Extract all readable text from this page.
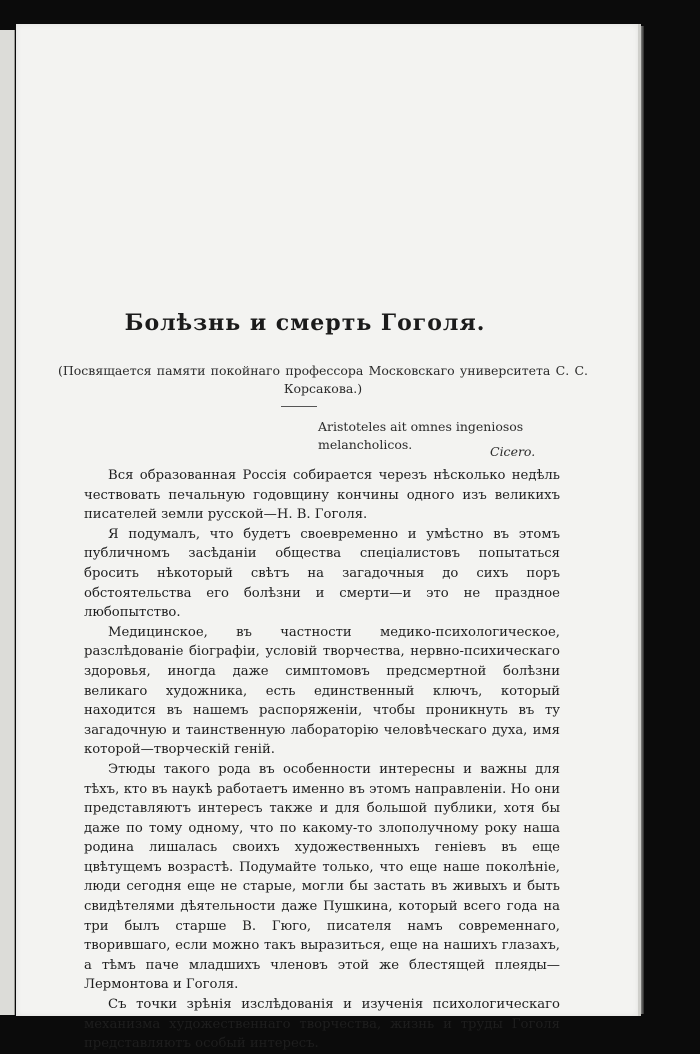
Болѣзнь и смерть Гоголя.
(Посвящается памяти покойнаго профессора Московскаго университета С. С. Корсакова.)
Aristoteles ait omnes ingeniosos melancholicos.	Cicero.

Вся образованная Россія собирается черезъ нѣсколько недѣль чествовать печальную годовщину кончины одного изъ великихъ писателей земли русской—Н. В. Гоголя.

Я подумалъ, что будетъ своевременно и умѣстно въ этомъ публичномъ засѣданіи общества спеціалистовъ попытаться бросить нѣкоторый свѣтъ на загадочныя до сихъ поръ обстоятельства его болѣзни и смерти—и это не праздное любопытство.

Медицинское, въ частности медико-психологическое, разслѣдованіе біографіи, условій творчества, нервно-психическаго здоровья, иногда даже симптомовъ предсмертной болѣзни великаго художника, есть единственный ключъ, который находится въ нашемъ распоряженіи, чтобы проникнуть въ ту загадочную и таинственную лабораторію человѣческаго духа, имя которой—творческій геній.

Этюды такого рода въ особенности интересны и важны для тѣхъ, кто въ наукѣ работаетъ именно въ этомъ направленіи. Но они представляютъ интересъ также и для большой публики, хотя бы даже по тому одному, что по какому-то злополучному року наша родина лишалась своихъ художественныхъ геніевъ въ еще цвѣтущемъ возрастѣ. Подумайте только, что еще наше поколѣніе, люди сегодня еще не старые, могли бы застать въ живыхъ и быть свидѣтелями дѣятельности даже Пушкина, который всего года на три былъ старше В. Гюго, писателя намъ современнаго, творившаго, если можно такъ выразиться, еще на нашихъ глазахъ, а тѣмъ паче младшихъ членовъ этой же блестящей плеяды—Лермонтова и Гоголя.

Съ точки зрѣнія изслѣдованія и изученія психологическаго механизма художественнаго творчества, жизнь и труды Гоголя представляютъ особый интересъ.
